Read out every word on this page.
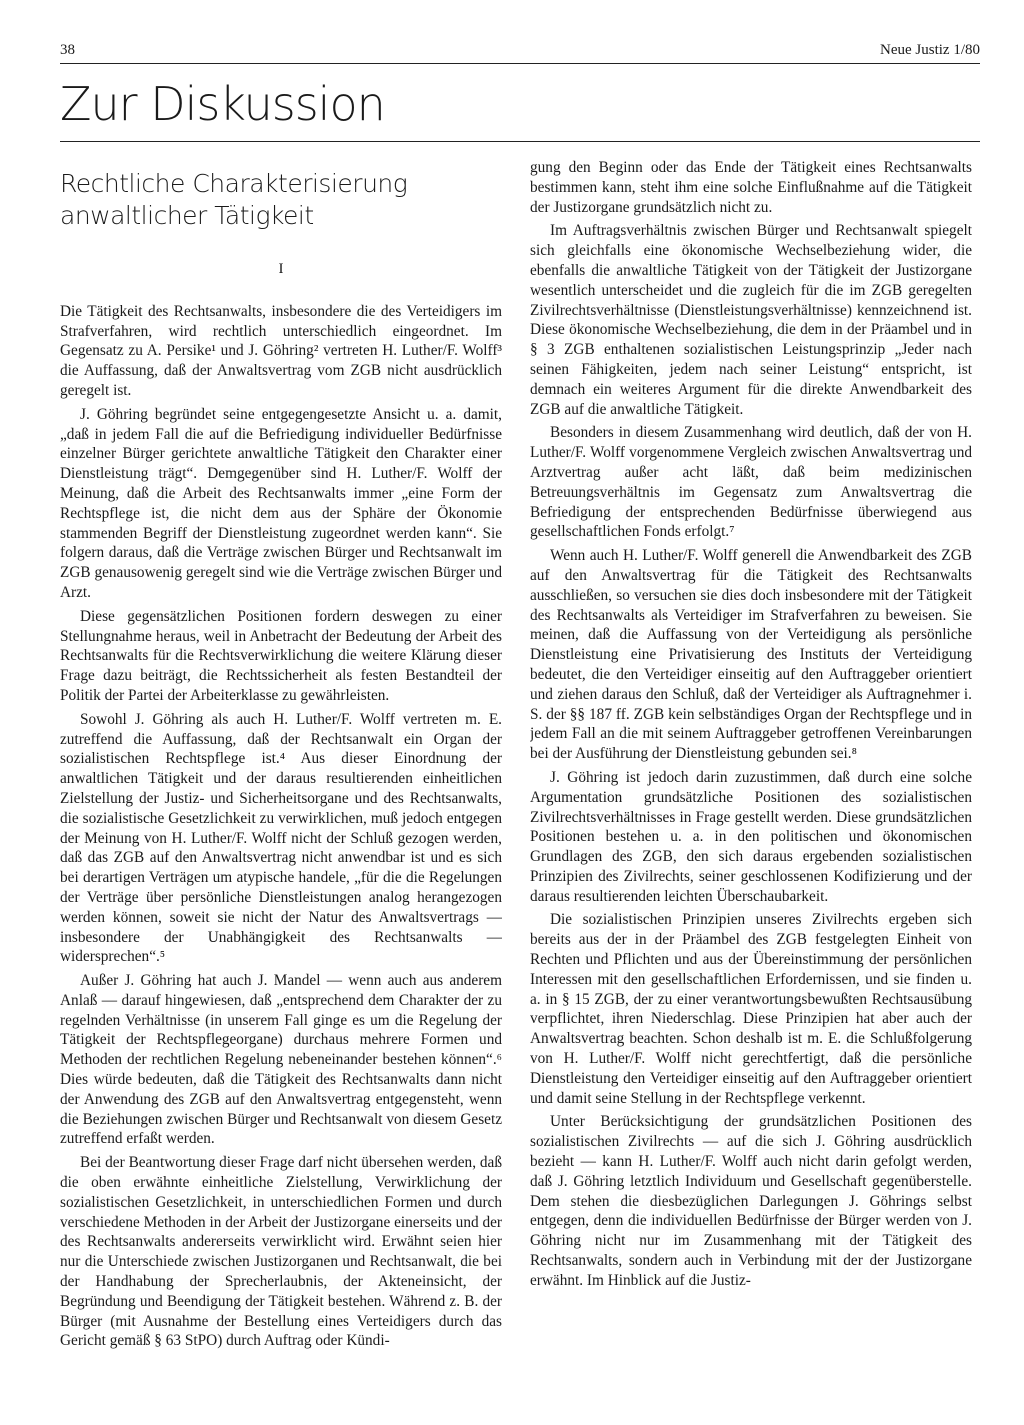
38	Neue Justiz 1/80
Zur Diskussion
Rechtliche Charakterisierung
anwaltlicher Tätigkeit
I

Die Tätigkeit des Rechtsanwalts, insbesondere die des Verteidigers im Strafverfahren, wird rechtlich unterschiedlich eingeordnet. Im Gegensatz zu A. Persike¹ und J. Göhring² vertreten H. Luther/F. Wolff³ die Auffassung, daß der Anwaltsvertrag vom ZGB nicht ausdrücklich geregelt ist.

J. Göhring begründet seine entgegengesetzte Ansicht u. a. damit, „daß in jedem Fall die auf die Befriedigung individueller Bedürfnisse einzelner Bürger gerichtete anwaltliche Tätigkeit den Charakter einer Dienstleistung trägt“. Demgegenüber sind H. Luther/F. Wolff der Meinung, daß die Arbeit des Rechtsanwalts immer „eine Form der Rechtspflege ist, die nicht dem aus der Sphäre der Ökonomie stammenden Begriff der Dienstleistung zugeordnet werden kann“. Sie folgern daraus, daß die Verträge zwischen Bürger und Rechtsanwalt im ZGB genausowenig geregelt sind wie die Verträge zwischen Bürger und Arzt.

Diese gegensätzlichen Positionen fordern deswegen zu einer Stellungnahme heraus, weil in Anbetracht der Bedeutung der Arbeit des Rechtsanwalts für die Rechtsverwirklichung die weitere Klärung dieser Frage dazu beiträgt, die Rechtssicherheit als festen Bestandteil der Politik der Partei der Arbeiterklasse zu gewährleisten.

Sowohl J. Göhring als auch H. Luther/F. Wolff vertreten m. E. zutreffend die Auffassung, daß der Rechtsanwalt ein Organ der sozialistischen Rechtspflege ist.⁴ Aus dieser Einordnung der anwaltlichen Tätigkeit und der daraus resultierenden einheitlichen Zielstellung der Justiz- und Sicherheitsorgane und des Rechtsanwalts, die sozialistische Gesetzlichkeit zu verwirklichen, muß jedoch entgegen der Meinung von H. Luther/F. Wolff nicht der Schluß gezogen werden, daß das ZGB auf den Anwaltsvertrag nicht anwendbar ist und es sich bei derartigen Verträgen um atypische handele, „für die die Regelungen der Verträge über persönliche Dienstleistungen analog herangezogen werden können, soweit sie nicht der Natur des Anwaltsvertrags — insbesondere der Unabhängigkeit des Rechtsanwalts — widersprechen“.⁵

Außer J. Göhring hat auch J. Mandel — wenn auch aus anderem Anlaß — darauf hingewiesen, daß „entsprechend dem Charakter der zu regelnden Verhältnisse (in unserem Fall ginge es um die Regelung der Tätigkeit der Rechtspflegeorgane) durchaus mehrere Formen und Methoden der rechtlichen Regelung nebeneinander bestehen können“.⁶ Dies würde bedeuten, daß die Tätigkeit des Rechtsanwalts dann nicht der Anwendung des ZGB auf den Anwaltsvertrag entgegensteht, wenn die Beziehungen zwischen Bürger und Rechtsanwalt von diesem Gesetz zutreffend erfaßt werden.

Bei der Beantwortung dieser Frage darf nicht übersehen werden, daß die oben erwähnte einheitliche Zielstellung, Verwirklichung der sozialistischen Gesetzlichkeit, in unterschiedlichen Formen und durch verschiedene Methoden in der Arbeit der Justizorgane einerseits und der des Rechtsanwalts andererseits verwirklicht wird. Erwähnt seien hier nur die Unterschiede zwischen Justizorganen und Rechtsanwalt, die bei der Handhabung der Sprecherlaubnis, der Akteneinsicht, der Begründung und Beendigung der Tätigkeit bestehen. Während z. B. der Bürger (mit Ausnahme der Bestellung eines Verteidigers durch das Gericht gemäß § 63 StPO) durch Auftrag oder Kündi-

gung den Beginn oder das Ende der Tätigkeit eines Rechtsanwalts bestimmen kann, steht ihm eine solche Einflußnahme auf die Tätigkeit der Justizorgane grundsätzlich nicht zu.

Im Auftragsverhältnis zwischen Bürger und Rechtsanwalt spiegelt sich gleichfalls eine ökonomische Wechselbeziehung wider, die ebenfalls die anwaltliche Tätigkeit von der Tätigkeit der Justizorgane wesentlich unterscheidet und die zugleich für die im ZGB geregelten Zivilrechtsverhältnisse (Dienstleistungsverhältnisse) kennzeichnend ist. Diese ökonomische Wechselbeziehung, die dem in der Präambel und in § 3 ZGB enthaltenen sozialistischen Leistungsprinzip „Jeder nach seinen Fähigkeiten, jedem nach seiner Leistung“ entspricht, ist demnach ein weiteres Argument für die direkte Anwendbarkeit des ZGB auf die anwaltliche Tätigkeit.

Besonders in diesem Zusammenhang wird deutlich, daß der von H. Luther/F. Wolff vorgenommene Vergleich zwischen Anwaltsvertrag und Arztvertrag außer acht läßt, daß beim medizinischen Betreuungsverhältnis im Gegensatz zum Anwaltsvertrag die Befriedigung der entsprechenden Bedürfnisse überwiegend aus gesellschaftlichen Fonds erfolgt.⁷

Wenn auch H. Luther/F. Wolff generell die Anwendbarkeit des ZGB auf den Anwaltsvertrag für die Tätigkeit des Rechtsanwalts ausschließen, so versuchen sie dies doch insbesondere mit der Tätigkeit des Rechtsanwalts als Verteidiger im Strafverfahren zu beweisen. Sie meinen, daß die Auffassung von der Verteidigung als persönliche Dienstleistung eine Privatisierung des Instituts der Verteidigung bedeutet, die den Verteidiger einseitig auf den Auftraggeber orientiert und ziehen daraus den Schluß, daß der Verteidiger als Auftragnehmer i. S. der §§ 187 ff. ZGB kein selbständiges Organ der Rechtspflege und in jedem Fall an die mit seinem Auftraggeber getroffenen Vereinbarungen bei der Ausführung der Dienstleistung gebunden sei.⁸

J. Göhring ist jedoch darin zuzustimmen, daß durch eine solche Argumentation grundsätzliche Positionen des sozialistischen Zivilrechtsverhältnisses in Frage gestellt werden. Diese grundsätzlichen Positionen bestehen u. a. in den politischen und ökonomischen Grundlagen des ZGB, den sich daraus ergebenden sozialistischen Prinzipien des Zivilrechts, seiner geschlossenen Kodifizierung und der daraus resultierenden leichten Überschaubarkeit.

Die sozialistischen Prinzipien unseres Zivilrechts ergeben sich bereits aus der in der Präambel des ZGB festgelegten Einheit von Rechten und Pflichten und aus der Übereinstimmung der persönlichen Interessen mit den gesellschaftlichen Erfordernissen, und sie finden u. a. in § 15 ZGB, der zu einer verantwortungsbewußten Rechtsausübung verpflichtet, ihren Niederschlag. Diese Prinzipien hat aber auch der Anwaltsvertrag beachten. Schon deshalb ist m. E. die Schlußfolgerung von H. Luther/F. Wolff nicht gerechtfertigt, daß die persönliche Dienstleistung den Verteidiger einseitig auf den Auftraggeber orientiert und damit seine Stellung in der Rechtspflege verkennt.

Unter Berücksichtigung der grundsätzlichen Positionen des sozialistischen Zivilrechts — auf die sich J. Göhring ausdrücklich bezieht — kann H. Luther/F. Wolff auch nicht darin gefolgt werden, daß J. Göhring letztlich Individuum und Gesellschaft gegenüberstelle. Dem stehen die diesbezüglichen Darlegungen J. Göhrings selbst entgegen, denn die individuellen Bedürfnisse der Bürger werden von J. Göhring nicht nur im Zusammenhang mit der Tätigkeit des Rechtsanwalts, sondern auch in Verbindung mit der der Justizorgane erwähnt. Im Hinblick auf die Justiz-
